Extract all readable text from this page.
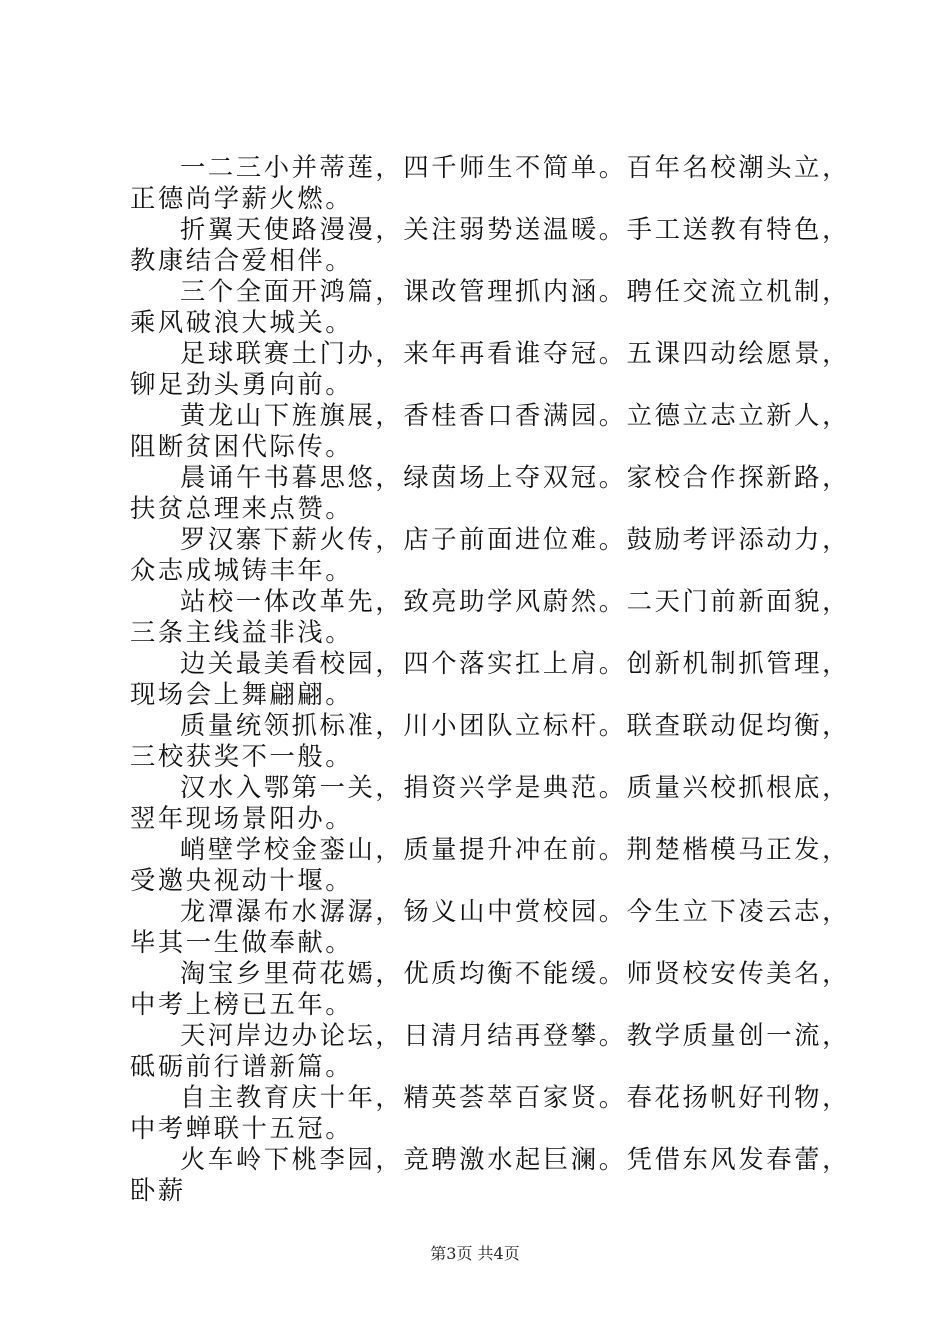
一二三小并蒂莲，四千师生不简单。百年名校潮头立，正德尚学薪火燃。

折翼天使路漫漫，关注弱势送温暖。手工送教有特色，教康结合爱相伴。

三个全面开鸿篇，课改管理抓内涵。聘任交流立机制，乘风破浪大城关。

足球联赛土门办，来年再看谁夺冠。五课四动绘愿景，铆足劲头勇向前。

黄龙山下旌旗展，香桂香口香满园。立德立志立新人，阻断贫困代际传。

晨诵午书暮思悠，绿茵场上夺双冠。家校合作探新路，扶贫总理来点赞。

罗汉寨下薪火传，店子前面进位难。鼓励考评添动力，众志成城铸丰年。

站校一体改革先，致亮助学风蔚然。二天门前新面貌，三条主线益非浅。

边关最美看校园，四个落实扛上肩。创新机制抓管理，现场会上舞翩翩。

质量统领抓标准，川小团队立标杆。联查联动促均衡，三校获奖不一般。

汉水入鄂第一关，捐资兴学是典范。质量兴校抓根底，翌年现场景阳办。

峭壁学校金銮山，质量提升冲在前。荆楚楷模马正发，受邀央视动十堰。

龙潭瀑布水潺潺，钖义山中赏校园。今生立下凌云志，毕其一生做奉献。

淘宝乡里荷花嫣，优质均衡不能缓。师贤校安传美名，中考上榜已五年。

天河岸边办论坛，日清月结再登攀。教学质量创一流，砥砺前行谱新篇。

自主教育庆十年，精英荟萃百家贤。春花扬帆好刊物，中考蝉联十五冠。

火车岭下桃李园，竞聘激水起巨澜。凭借东风发春蕾，卧薪

第3页 共4页
